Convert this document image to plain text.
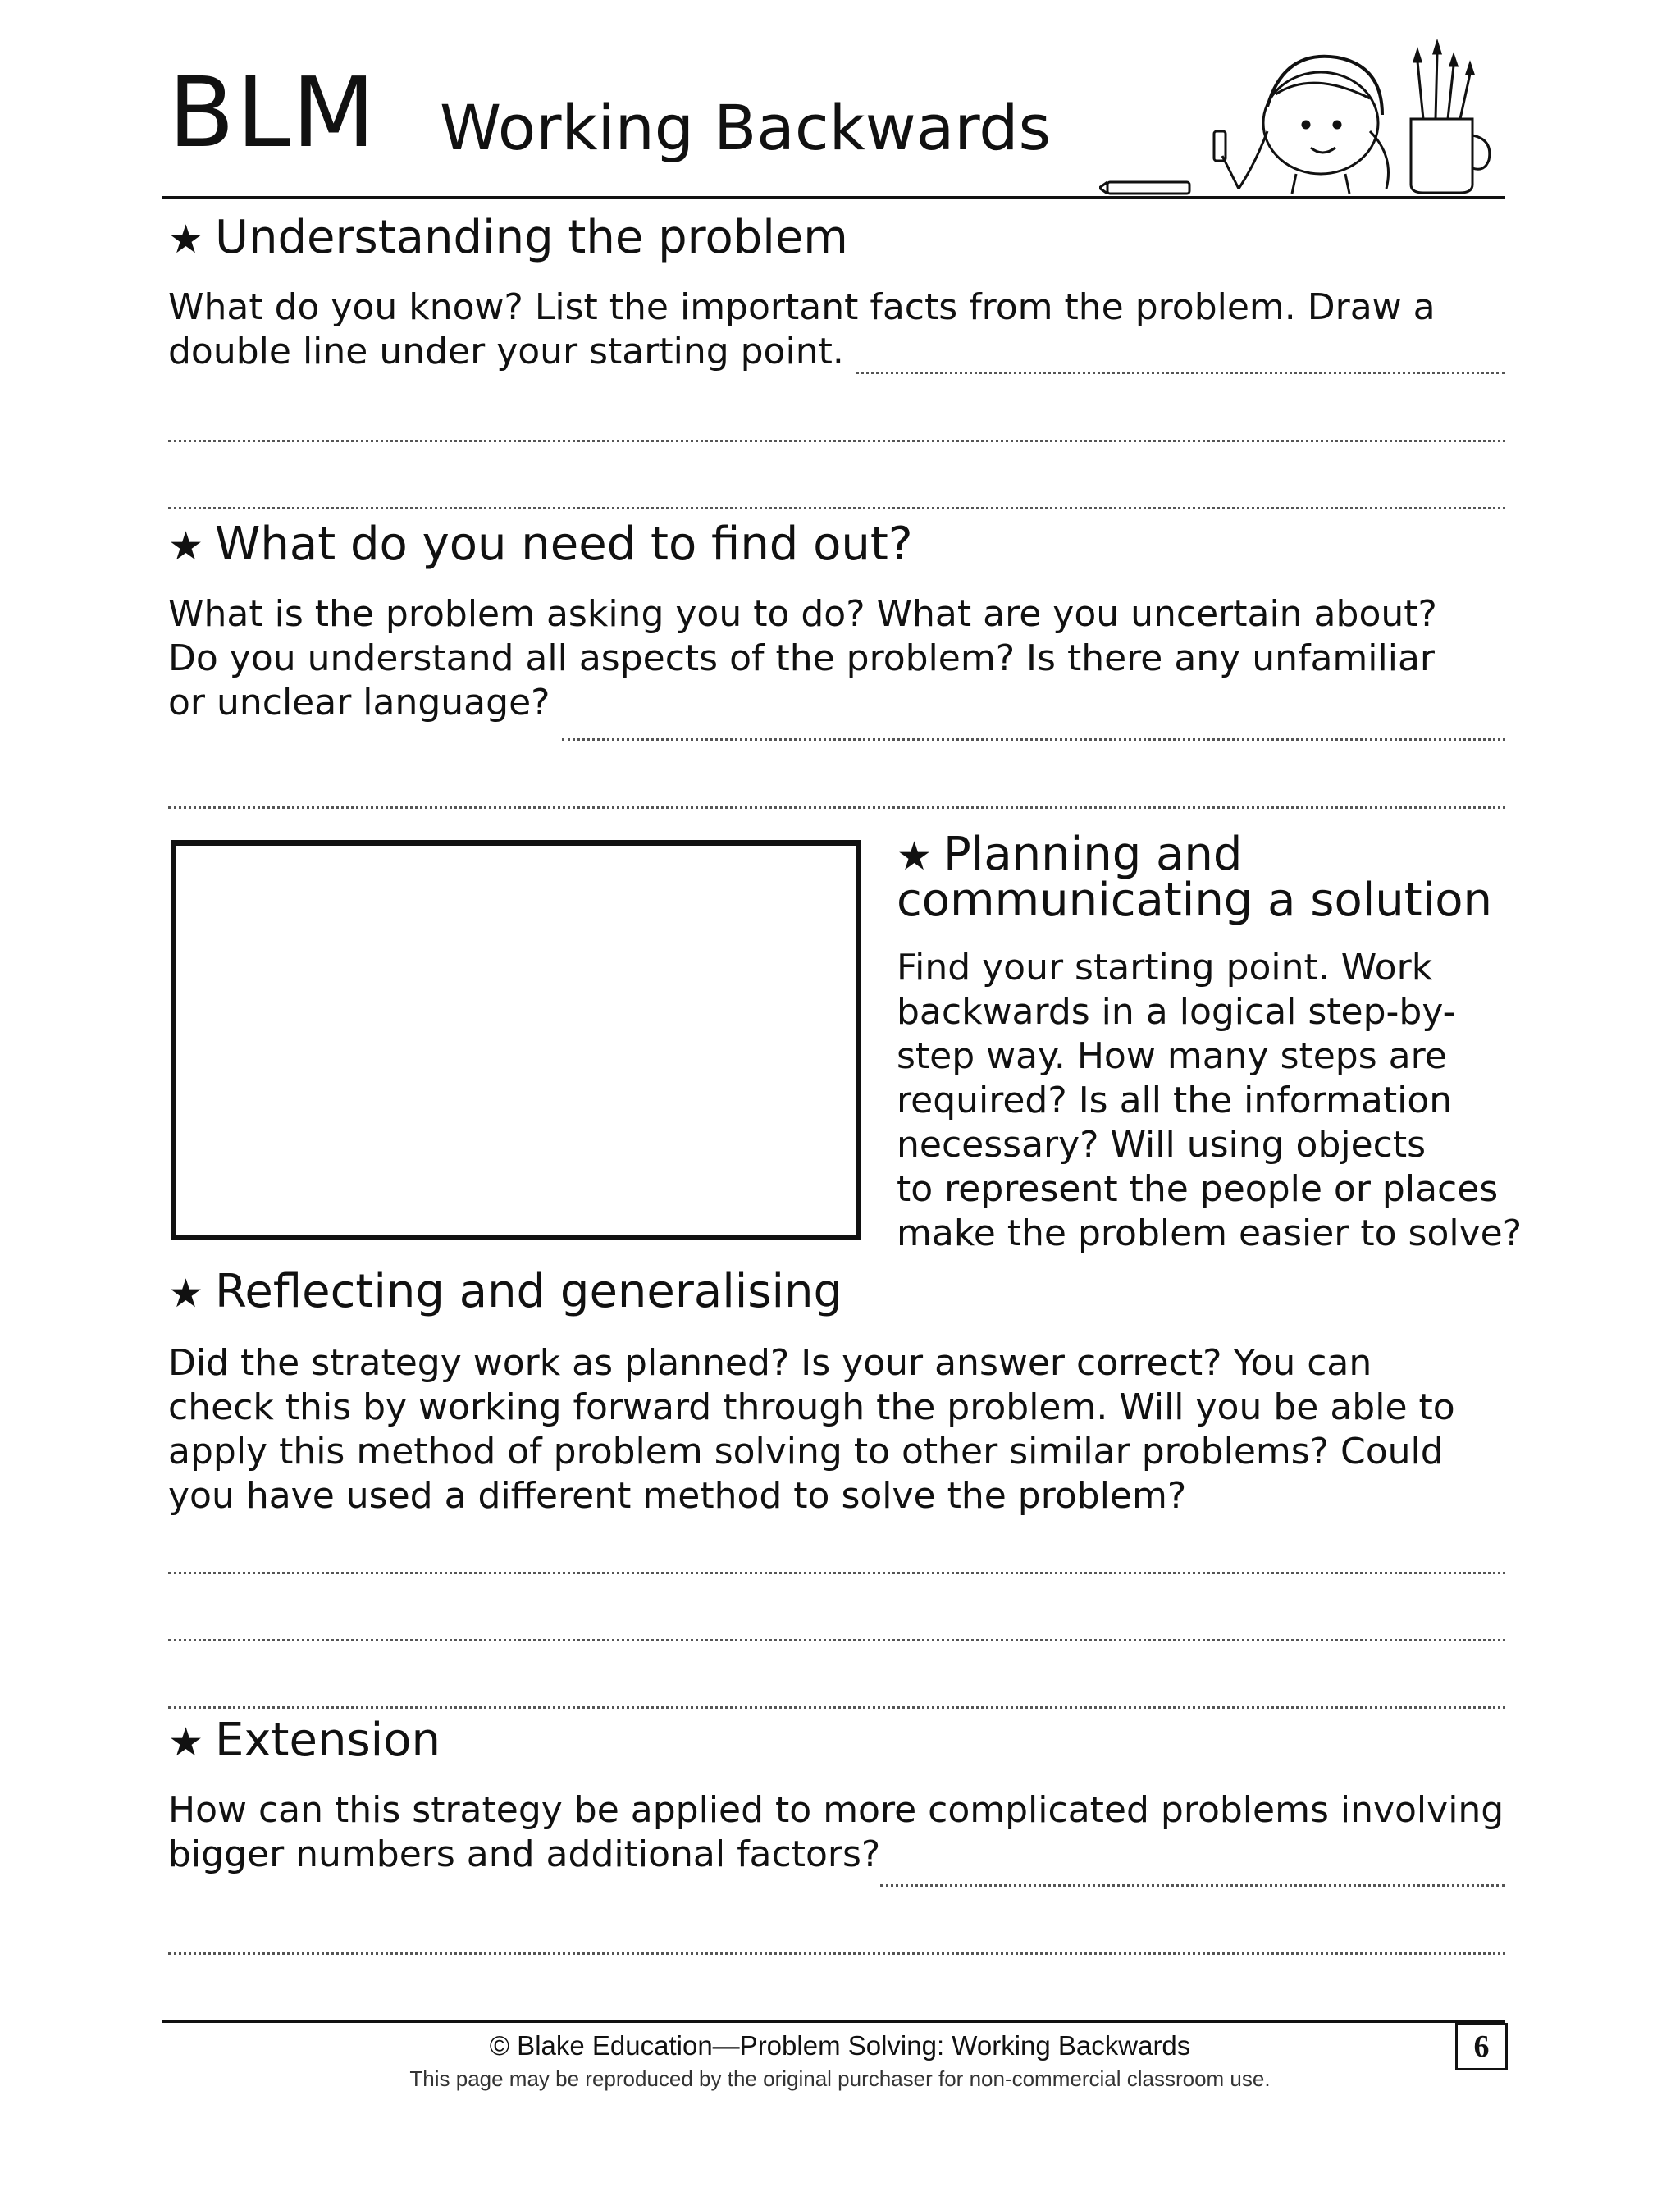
BLM Working Backwards
★ Understanding the problem
What do you know? List the important facts from the problem. Draw a
double line under your starting point.
★ What do you need to find out?
What is the problem asking you to do? What are you uncertain about?
Do you understand all aspects of the problem? Is there any unfamiliar
or unclear language?
★ Planning and
communicating a solution
Find your starting point. Work
backwards in a logical step-by-
step way. How many steps are
required? Is all the information
necessary? Will using objects
to represent the people or places
make the problem easier to solve?
★ Reflecting and generalising
Did the strategy work as planned? Is your answer correct? You can
check this by working forward through the problem. Will you be able to
apply this method of problem solving to other similar problems? Could
you have used a different method to solve the problem?
★ Extension
How can this strategy be applied to more complicated problems involving
bigger numbers and additional factors?
© Blake Education—Problem Solving: Working Backwards
This page may be reproduced by the original purchaser for non-commercial classroom use.
6
